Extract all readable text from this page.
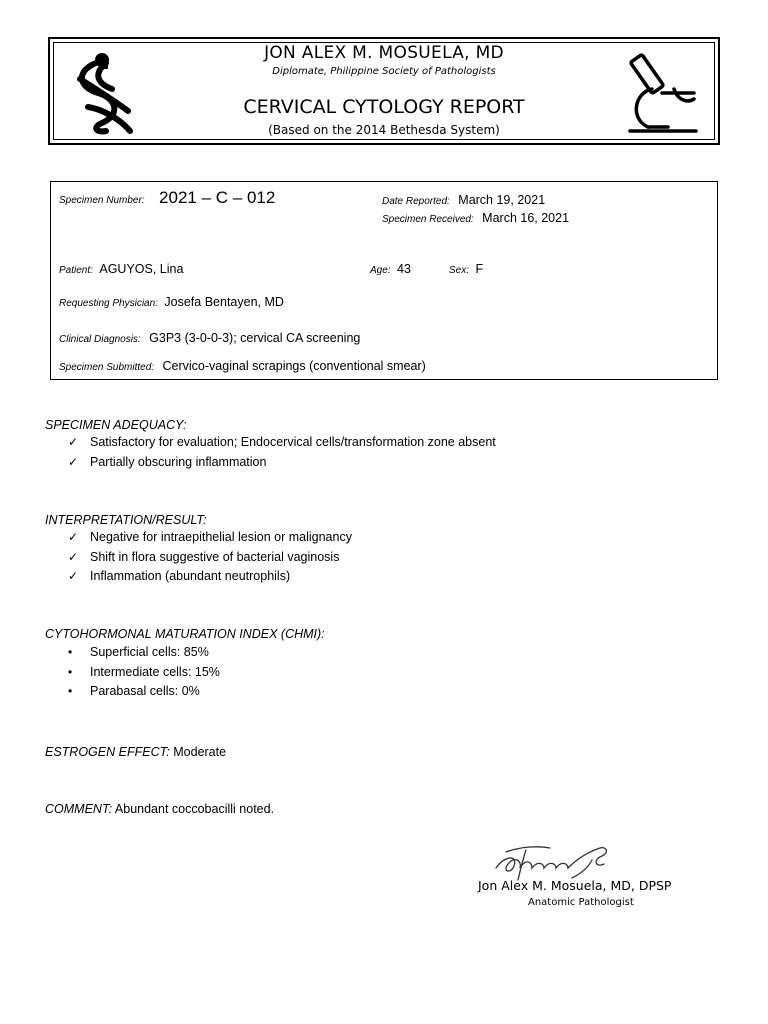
JON ALEX M. MOSUELA, MD
Diplomate, Philippine Society of Pathologists
CERVICAL CYTOLOGY REPORT
(Based on the 2014 Bethesda System)
Specimen Number: 2021 – C – 012	Date Reported: March 19, 2021
Specimen Received: March 16, 2021
Patient: AGUYOS, Lina	Age: 43	Sex: F
Requesting Physician: Josefa Bentayen, MD
Clinical Diagnosis: G3P3 (3-0-0-3); cervical CA screening
Specimen Submitted: Cervico-vaginal scrapings (conventional smear)
SPECIMEN ADEQUACY:
✓ Satisfactory for evaluation; Endocervical cells/transformation zone absent
✓ Partially obscuring inflammation
INTERPRETATION/RESULT:
✓ Negative for intraepithelial lesion or malignancy
✓ Shift in flora suggestive of bacterial vaginosis
✓ Inflammation (abundant neutrophils)
CYTOHORMONAL MATURATION INDEX (CHMI):
• Superficial cells: 85%
• Intermediate cells: 15%
• Parabasal cells: 0%
ESTROGEN EFFECT: Moderate
COMMENT: Abundant coccobacilli noted.
Jon Alex M. Mosuela, MD, DPSP
Anatomic Pathologist
